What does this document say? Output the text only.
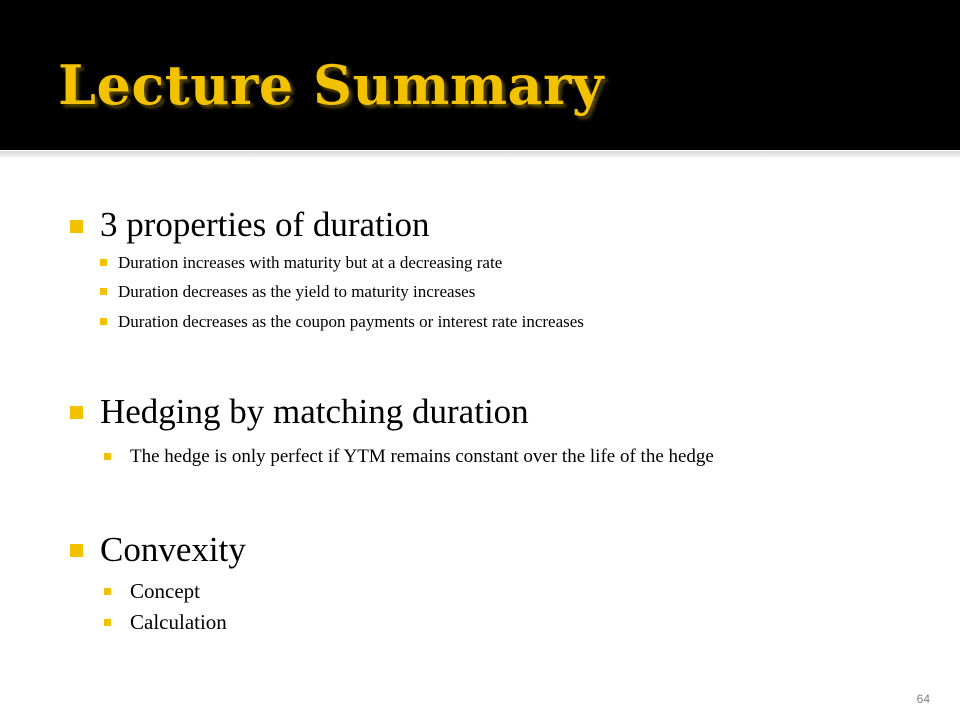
Lecture Summary
3 properties of duration
Duration increases with maturity but at a decreasing rate
Duration decreases as the yield to maturity increases
Duration decreases as the coupon payments or interest rate increases
Hedging by matching duration
The hedge is only perfect if YTM remains constant over the life of the hedge
Convexity
Concept
Calculation
64
